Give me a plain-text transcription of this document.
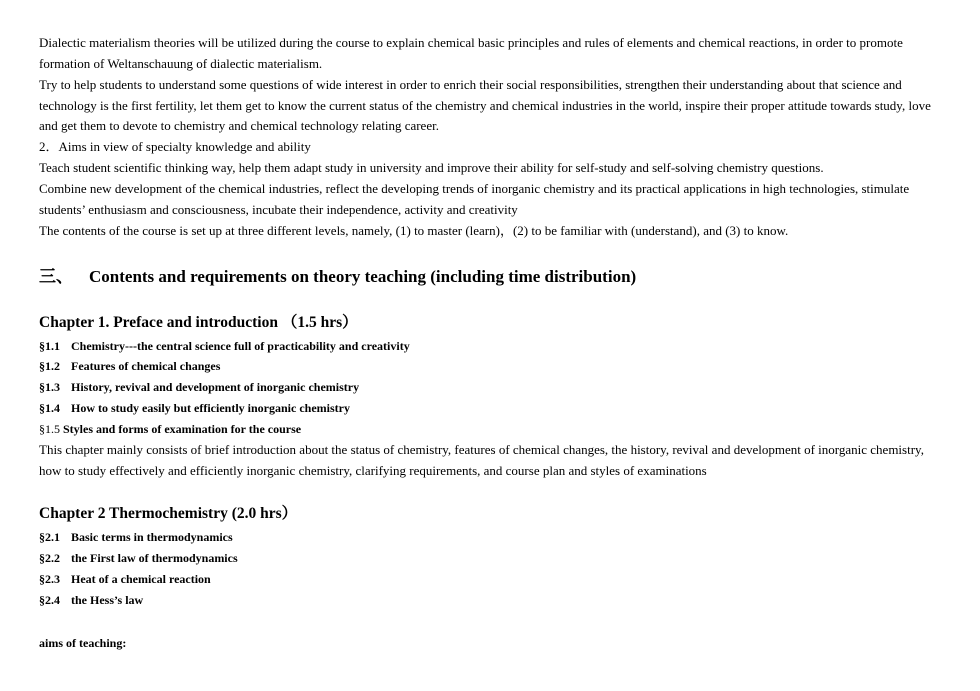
Dialectic materialism theories will be utilized during the course to explain chemical basic principles and rules of elements and chemical reactions, in order to promote formation of Weltanschauung of dialectic materialism.

Try to help students to understand some questions of wide interest in order to enrich their social responsibilities, strengthen their understanding about that science and technology is the first fertility, let them get to know the current status of the chemistry and chemical industries in the world, inspire their proper attitude towards study, love and get them to devote to chemistry and chemical technology relating career.

2．Aims in view of specialty knowledge and ability

Teach student scientific thinking way, help them adapt study in university and improve their ability for self-study and self-solving chemistry questions.

Combine new development of the chemical industries, reflect the developing trends of inorganic chemistry and its practical applications in high technologies, stimulate students’ enthusiasm and consciousness, incubate their independence, activity and creativity

The contents of the course is set up at three different levels, namely, (1) to master (learn)，(2) to be familiar with (understand), and (3) to know.

三、 Contents and requirements on theory teaching (including time distribution)
Chapter 1. Preface and introduction （1.5 hrs）
§1.1 Chemistry---the central science full of practicability and creativity
§1.2 Features of chemical changes
§1.3 History, revival and development of inorganic chemistry
§1.4 How to study easily but efficiently inorganic chemistry
§1.5 Styles and forms of examination for the course

This chapter mainly consists of brief introduction about the status of chemistry, features of chemical changes, the history, revival and development of inorganic chemistry, how to study effectively and efficiently inorganic chemistry, clarifying requirements, and course plan and styles of examinations

Chapter 2 Thermochemistry (2.0 hrs）
§2.1 Basic terms in thermodynamics
§2.2 the First law of thermodynamics
§2.3 Heat of a chemical reaction
§2.4 the Hess’s law
aims of teaching:
